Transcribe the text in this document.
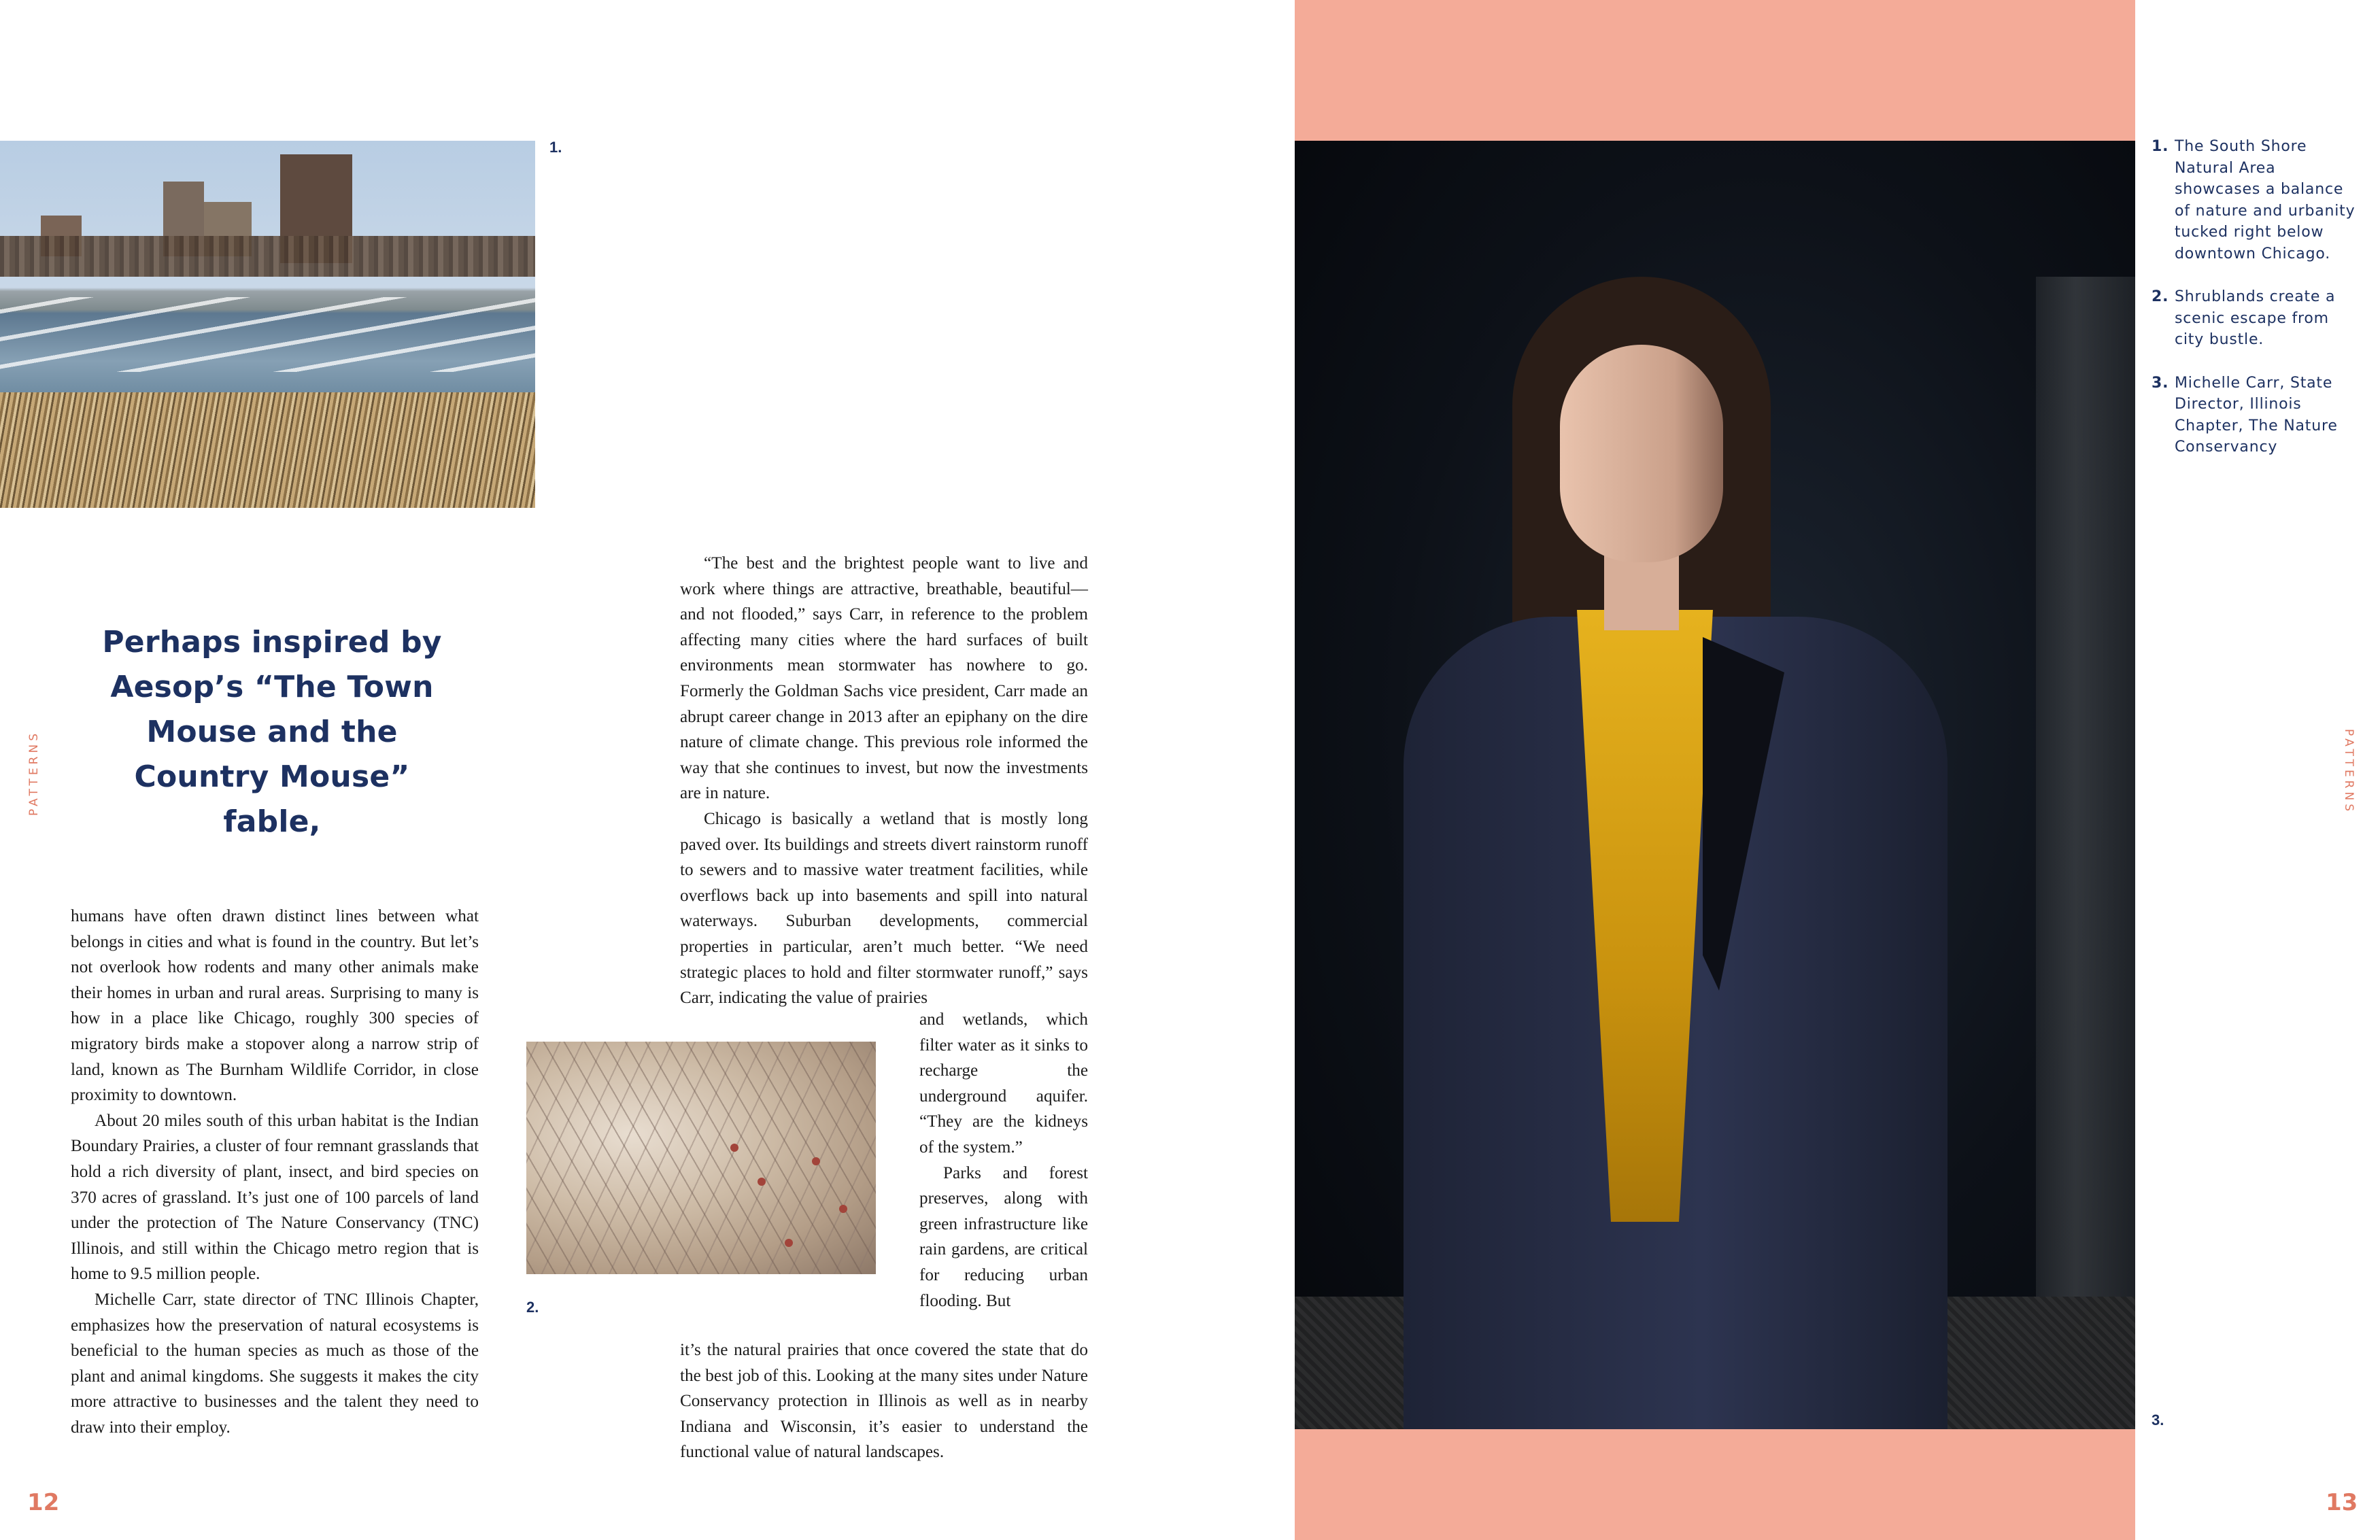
1.
PATTERNS
Perhaps inspired by Aesop’s “The Town Mouse and the Country Mouse” fable,

humans have often drawn distinct lines between what belongs in cities and what is found in the country. But let’s not overlook how rodents and many other animals make their homes in urban and rural areas. Surprising to many is how in a place like Chicago, roughly 300 species of migratory birds make a stopover along a narrow strip of land, known as The Burnham Wildlife Corridor, in close proximity to downtown.

About 20 miles south of this urban habitat is the Indian Boundary Prairies, a cluster of four remnant grasslands that hold a rich diversity of plant, insect, and bird species on 370 acres of grassland. It’s just one of 100 parcels of land under the protection of The Nature Conservancy (TNC) Illinois, and still within the Chicago metro region that is home to 9.5 million people.

Michelle Carr, state director of TNC Illinois Chapter, emphasizes how the preservation of natural ecosystems is beneficial to the human species as much as those of the plant and animal kingdoms. She suggests it makes the city more attractive to businesses and the talent they need to draw into their employ.

2.

“The best and the brightest people want to live and work where things are attractive, breathable, beautiful—and not flooded,” says Carr, in reference to the problem affecting many cities where the hard surfaces of built environments mean stormwater has nowhere to go. Formerly the Goldman Sachs vice president, Carr made an abrupt career change in 2013 after an epiphany on the dire nature of climate change. This previous role informed the way that she continues to invest, but now the investments are in nature.

Chicago is basically a wetland that is mostly long paved over. Its buildings and streets divert rainstorm runoff to sewers and to massive water treatment facilities, while overflows back up into basements and spill into natural waterways. Suburban developments, commercial properties in particular, aren’t much better. “We need strategic places to hold and filter stormwater runoff,” says Carr, indicating the value of prairies

and wetlands, which filter water as it sinks to recharge the underground aquifer. “They are the kidneys of the system.”

Parks and forest preserves, along with green infrastructure like rain gardens, are critical for reducing urban flooding. But

it’s the natural prairies that once covered the state that do the best job of this. Looking at the many sites under Nature Conservancy protection in Illinois as well as in nearby Indiana and Wisconsin, it’s easier to understand the functional value of natural landscapes.

12
1. The South Shore Natural Area showcases a balance of nature and urbanity tucked right below downtown Chicago.
2. Shrublands create a scenic escape from city bustle.
3. Michelle Carr, State Director, Illinois Chapter, The Nature Conservancy
3.
PATTERNS
13
